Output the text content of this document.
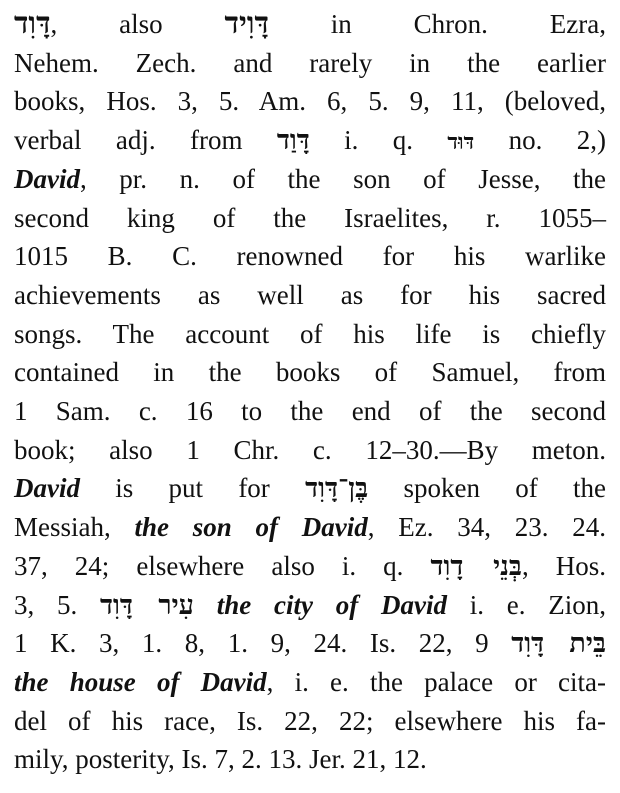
דָּוִד, also דָּוִיד in Chron. Ezra,
Nehem. Zech. and rarely in the earlier
books, Hos. 3, 5. Am. 6, 5. 9, 11, (beloved,
verbal adj. from דָּוַד i. q. דּוּד no. 2,)
David, pr. n. of the son of Jesse, the
second king of the Israelites, r. 1055–
1015 B. C. renowned for his warlike
achievements as well as for his sacred
songs. The account of his life is chiefly
contained in the books of Samuel, from
1 Sam. c. 16 to the end of the second
book; also 1 Chr. c. 12–30.—By meton.
David is put for בֶּן־דָּוִד spoken of the
Messiah, the son of David, Ez. 34, 23. 24.
37, 24; elsewhere also i. q. בְּנֵי דָוִד, Hos.
3, 5. עִיר דָּוִד the city of David i. e. Zion,
1 K. 3, 1. 8, 1. 9, 24. Is. 22, 9 בֵּית דָּוִד
the house of David, i. e. the palace or cita-
del of his race, Is. 22, 22; elsewhere his fa-
mily, posterity, Is. 7, 2. 13. Jer. 21, 12.
